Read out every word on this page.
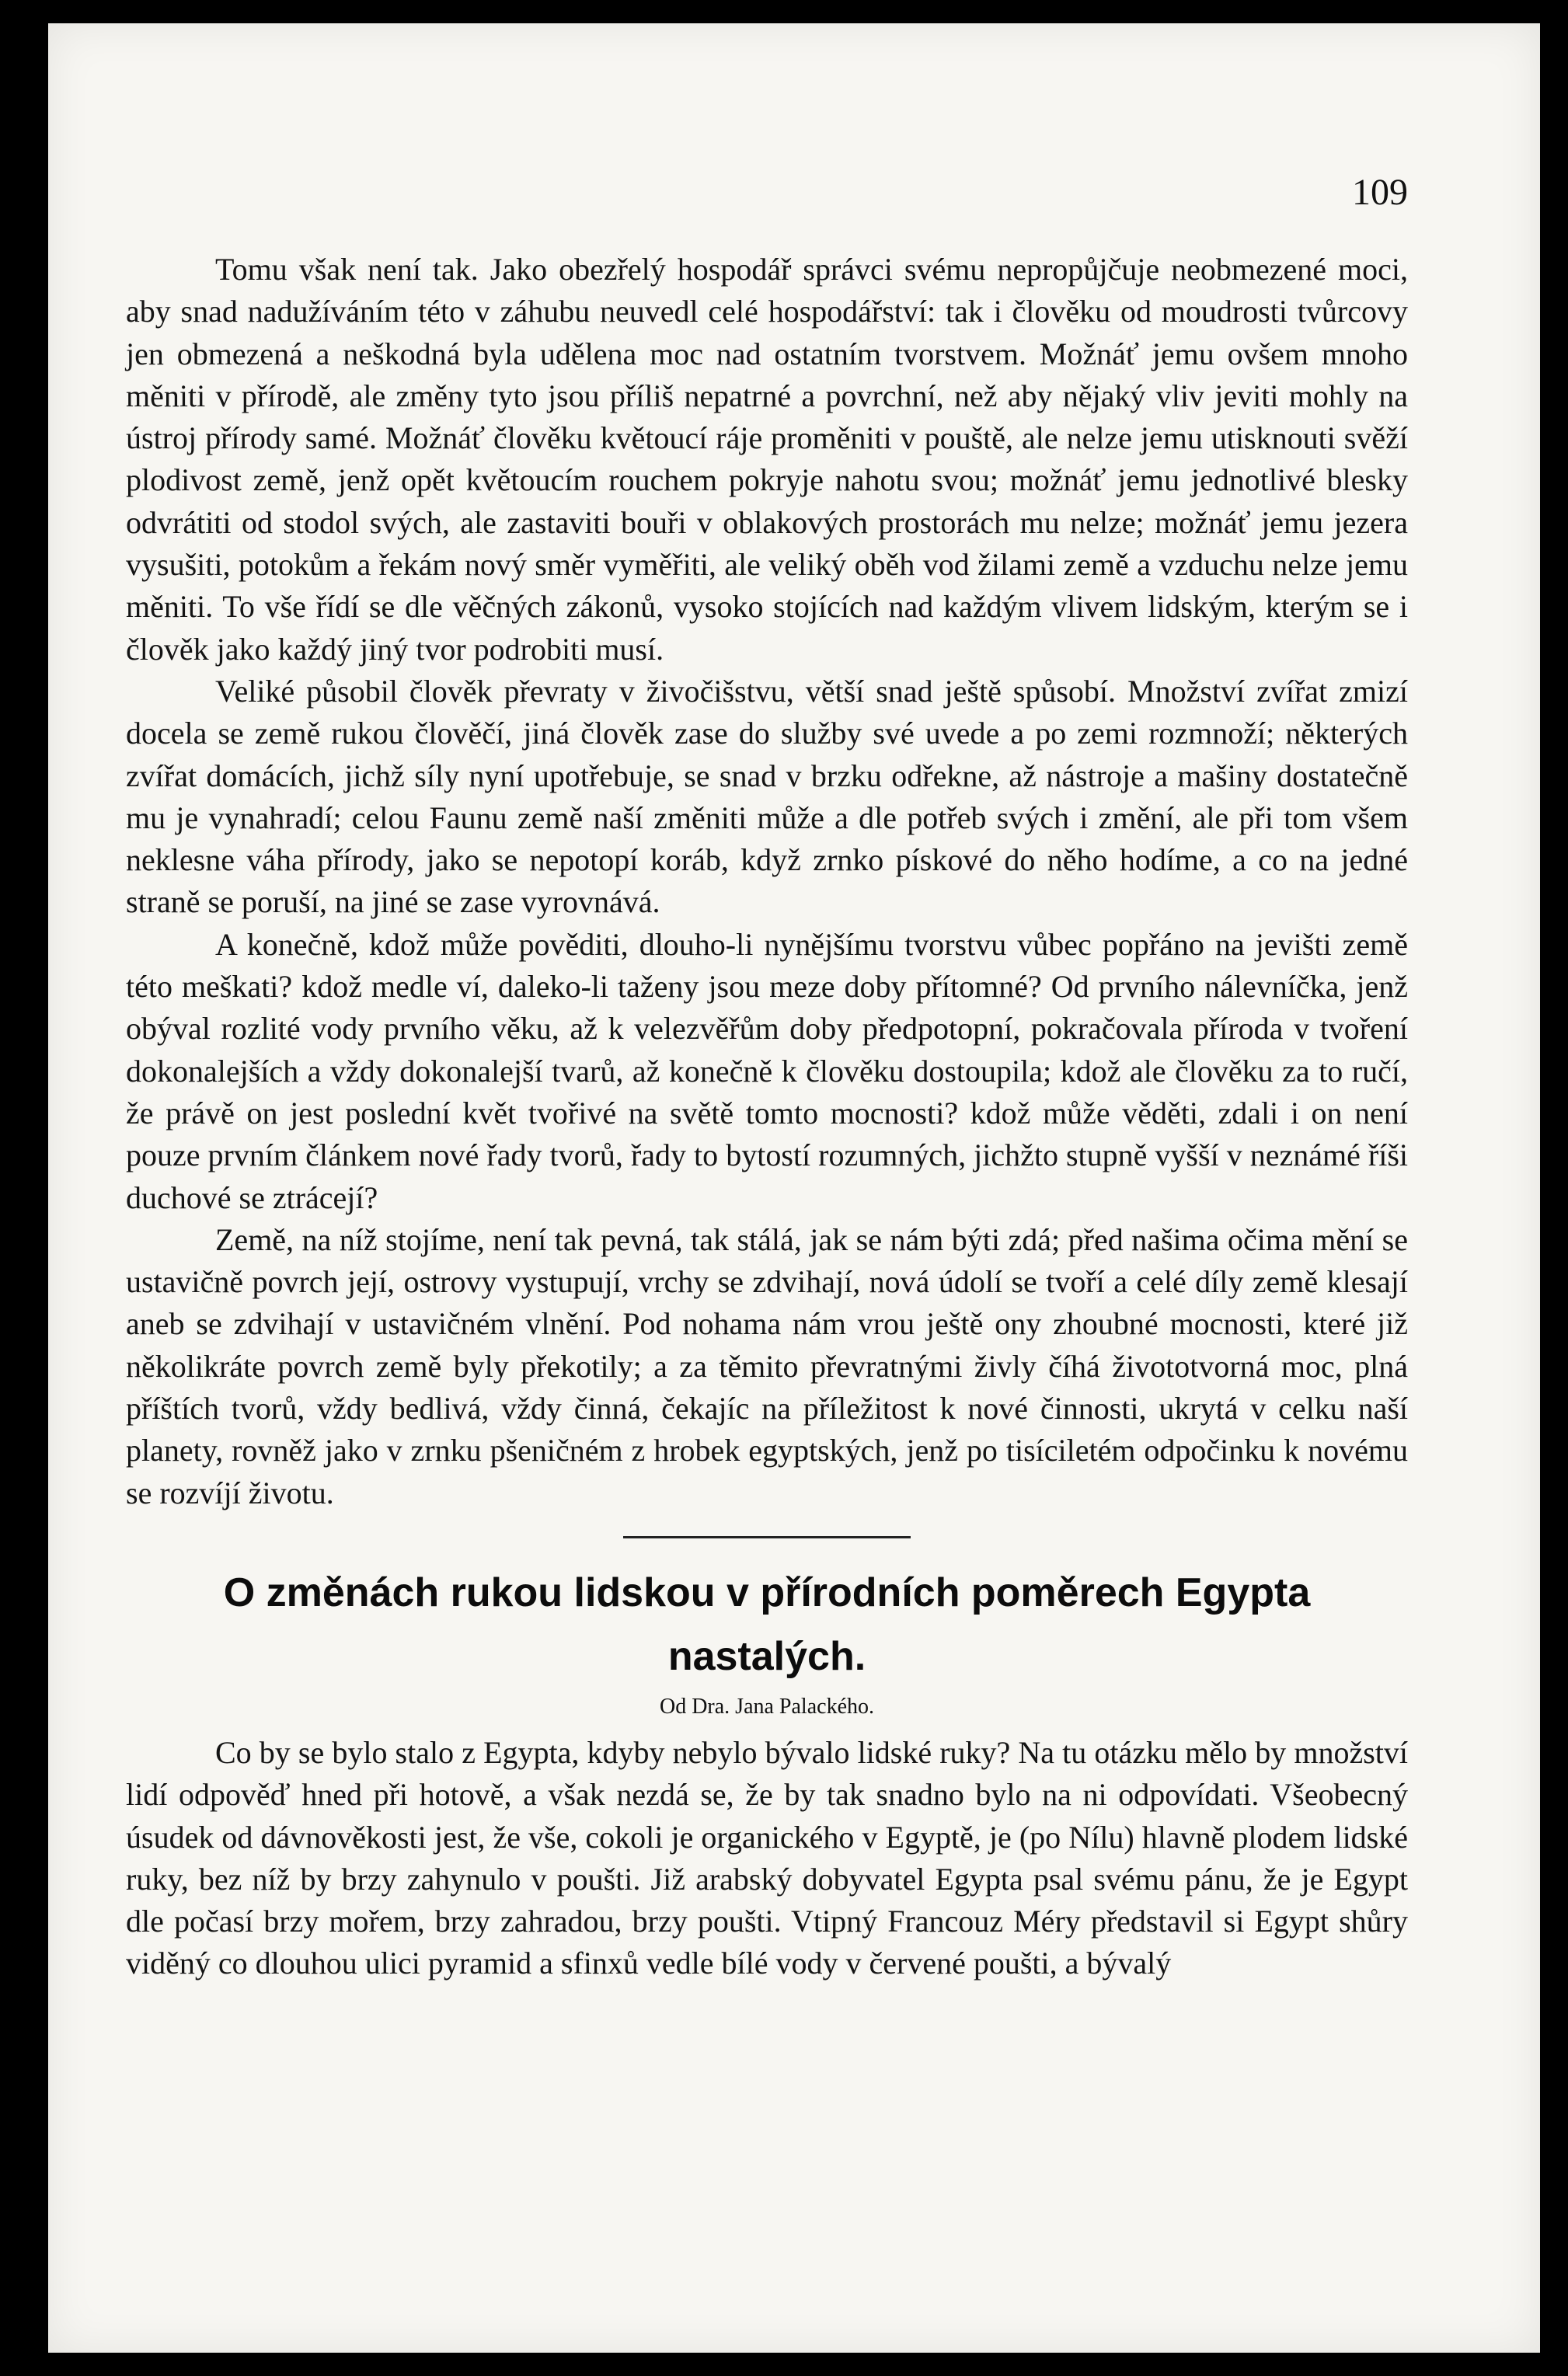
109

Tomu však není tak. Jako obezřelý hospodář správci svému nepropůjčuje neobmezené moci, aby snad nadužíváním této v záhubu neuvedl celé hospodářství: tak i člověku od moudrosti tvůrcovy jen obmezená a neškodná byla udělena moc nad ostatním tvorstvem. Možnáť jemu ovšem mnoho měniti v přírodě, ale změny tyto jsou příliš nepatrné a povrchní, než aby nějaký vliv jeviti mohly na ústroj přírody samé. Možnáť člověku květoucí ráje proměniti v pouště, ale nelze jemu utisknouti svěží plodivost země, jenž opět květoucím rouchem pokryje nahotu svou; možnáť jemu jednotlivé blesky odvrátiti od stodol svých, ale zastaviti bouři v oblakových prostorách mu nelze; možnáť jemu jezera vysušiti, potokům a řekám nový směr vyměřiti, ale veliký oběh vod žilami země a vzduchu nelze jemu měniti. To vše řídí se dle věčných zákonů, vysoko stojících nad každým vlivem lidským, kterým se i člověk jako každý jiný tvor podrobiti musí.

Veliké působil člověk převraty v živočišstvu, větší snad ještě spůsobí. Množství zvířat zmizí docela se země rukou člověčí, jiná člověk zase do služby své uvede a po zemi rozmnoží; některých zvířat domácích, jichž síly nyní upotřebuje, se snad v brzku odřekne, až nástroje a mašiny dostatečně mu je vynahradí; celou Faunu země naší změniti může a dle potřeb svých i změní, ale při tom všem neklesne váha přírody, jako se nepotopí koráb, když zrnko pískové do něho hodíme, a co na jedné straně se poruší, na jiné se zase vyrovnává.

A konečně, kdož může pověditi, dlouho-li nynějšímu tvorstvu vůbec popřáno na jevišti země této meškati? kdož medle ví, daleko-li taženy jsou meze doby přítomné? Od prvního nálevníčka, jenž obýval rozlité vody prvního věku, až k velezvěřům doby předpotopní, pokračovala příroda v tvoření dokonalejších a vždy dokonalejší tvarů, až konečně k člověku dostoupila; kdož ale člověku za to ručí, že právě on jest poslední květ tvořivé na světě tomto mocnosti? kdož může věděti, zdali i on není pouze prvním článkem nové řady tvorů, řady to bytostí rozumných, jichžto stupně vyšší v neznámé říši duchové se ztrácejí?

Země, na níž stojíme, není tak pevná, tak stálá, jak se nám býti zdá; před našima očima mění se ustavičně povrch její, ostrovy vystupují, vrchy se zdvihají, nová údolí se tvoří a celé díly země klesají aneb se zdvihají v ustavičném vlnění. Pod nohama nám vrou ještě ony zhoubné mocnosti, které již několikráte povrch země byly překotily; a za těmito převratnými živly číhá živototvorná moc, plná příštích tvorů, vždy bedlivá, vždy činná, čekajíc na příležitost k nové činnosti, ukrytá v celku naší planety, rovněž jako v zrnku pšeničném z hrobek egyptských, jenž po tisíciletém odpočinku k novému se rozvíjí životu.

O změnách rukou lidskou v přírodních poměrech Egypta nastalých.

Od Dra. Jana Palackého.

Co by se bylo stalo z Egypta, kdyby nebylo bývalo lidské ruky? Na tu otázku mělo by množství lidí odpověď hned při hotově, a však nezdá se, že by tak snadno bylo na ni odpovídati. Všeobecný úsudek od dávnověkosti jest, že vše, cokoli je organického v Egyptě, je (po Nílu) hlavně plodem lidské ruky, bez níž by brzy zahynulo v poušti. Již arabský dobyvatel Egypta psal svému pánu, že je Egypt dle počasí brzy mořem, brzy zahradou, brzy poušti. Vtipný Francouz Méry představil si Egypt shůry viděný co dlouhou ulici pyramid a sfinxů vedle bílé vody v červené poušti, a bývalý
